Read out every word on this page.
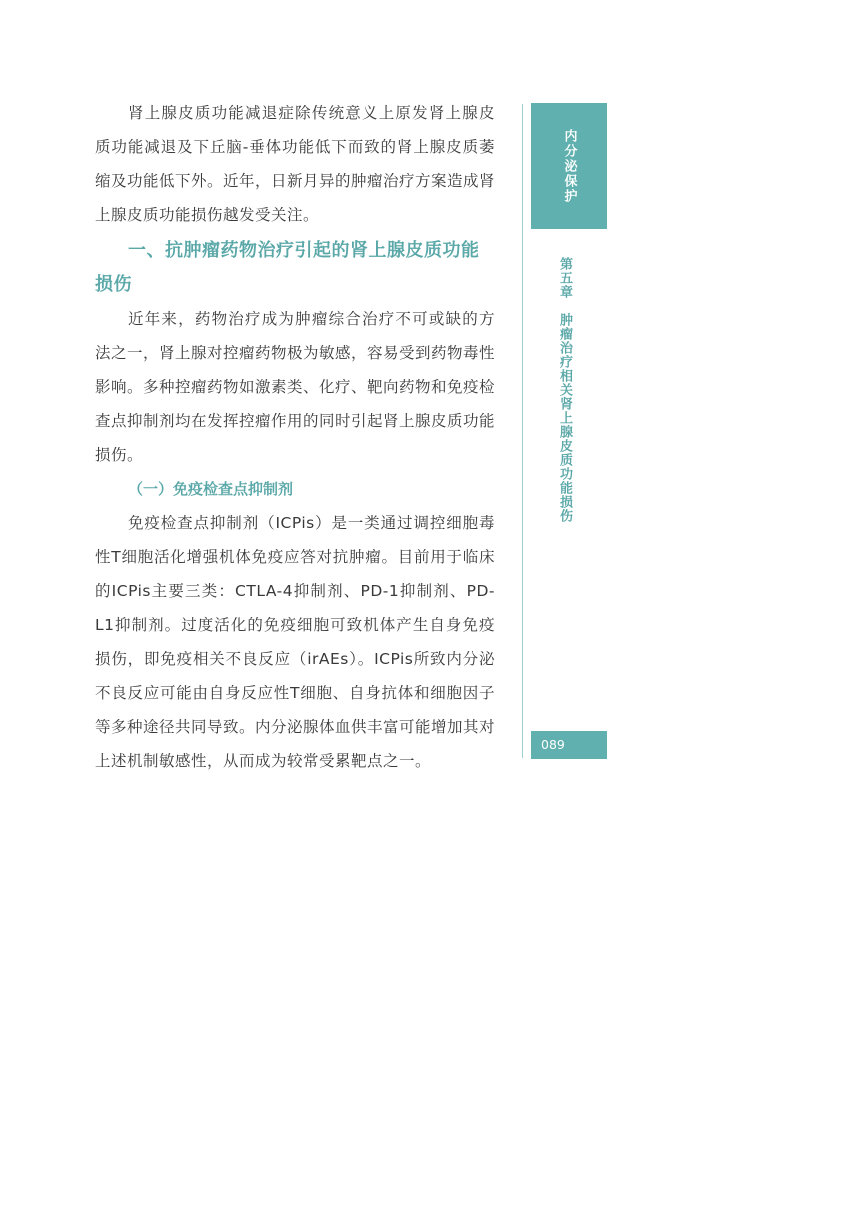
肾上腺皮质功能减退症除传统意义上原发肾上腺皮质功能减退及下丘脑-垂体功能低下而致的肾上腺皮质萎缩及功能低下外。近年，日新月异的肿瘤治疗方案造成肾上腺皮质功能损伤越发受关注。

一、抗肿瘤药物治疗引起的肾上腺皮质功能损伤

近年来，药物治疗成为肿瘤综合治疗不可或缺的方法之一，肾上腺对控瘤药物极为敏感，容易受到药物毒性影响。多种控瘤药物如激素类、化疗、靶向药物和免疫检查点抑制剂均在发挥控瘤作用的同时引起肾上腺皮质功能损伤。

（一）免疫检查点抑制剂

免疫检查点抑制剂（ICPis）是一类通过调控细胞毒性T细胞活化增强机体免疫应答对抗肿瘤。目前用于临床的ICPis主要三类：CTLA-4抑制剂、PD-1抑制剂、PD-L1抑制剂。过度活化的免疫细胞可致机体产生自身免疫损伤，即免疫相关不良反应（irAEs）。ICPis所致内分泌不良反应可能由自身反应性T细胞、自身抗体和细胞因子等多种途径共同导致。内分泌腺体血供丰富可能增加其对上述机制敏感性，从而成为较常受累靶点之一。

内分泌保护
第五章　肿瘤治疗相关肾上腺皮质功能损伤
089
